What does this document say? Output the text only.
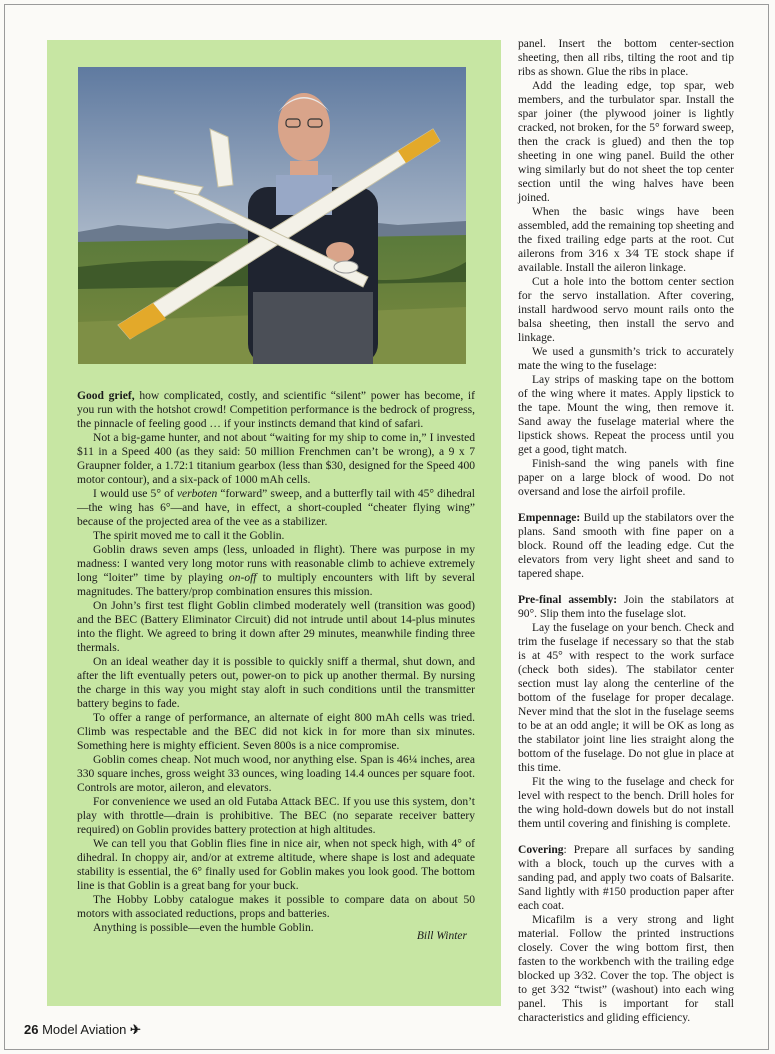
Good grief, how complicated, costly, and scientific “silent” power has become, if you run with the hotshot crowd! Competition performance is the bedrock of progress, the pinnacle of feeling good … if your instincts demand that kind of safari.

Not a big-game hunter, and not about “waiting for my ship to come in,” I invested $11 in a Speed 400 (as they said: 50 million Frenchmen can’t be wrong), a 9 x 7 Graupner folder, a 1.72:1 titanium gearbox (less than $30, designed for the Speed 400 motor contour), and a six-pack of 1000 mAh cells.

I would use 5° of verboten “forward” sweep, and a butterfly tail with 45° dihedral—the wing has 6°—and have, in effect, a short-coupled “cheater flying wing” because of the projected area of the vee as a stabilizer.

The spirit moved me to call it the Goblin.

Goblin draws seven amps (less, unloaded in flight). There was purpose in my madness: I wanted very long motor runs with reasonable climb to achieve extremely long “loiter” time by playing on-off to multiply encounters with lift by several magnitudes. The battery/prop combination ensures this mission.

On John’s first test flight Goblin climbed moderately well (transition was good) and the BEC (Battery Eliminator Circuit) did not intrude until about 14-plus minutes into the flight. We agreed to bring it down after 29 minutes, meanwhile finding three thermals.

On an ideal weather day it is possible to quickly sniff a thermal, shut down, and after the lift eventually peters out, power-on to pick up another thermal. By nursing the charge in this way you might stay aloft in such conditions until the transmitter battery begins to fade.

To offer a range of performance, an alternate of eight 800 mAh cells was tried. Climb was respectable and the BEC did not kick in for more than six minutes. Something here is mighty efficient. Seven 800s is a nice compromise.

Goblin comes cheap. Not much wood, nor anything else. Span is 46¼ inches, area 330 square inches, gross weight 33 ounces, wing loading 14.4 ounces per square foot. Controls are motor, aileron, and elevators.

For convenience we used an old Futaba Attack BEC. If you use this system, don’t play with throttle—drain is prohibitive. The BEC (no separate receiver battery required) on Goblin provides battery protection at high altitudes.

We can tell you that Goblin flies fine in nice air, when not speck high, with 4° of dihedral. In choppy air, and/or at extreme altitude, where shape is lost and adequate stability is essential, the 6° finally used for Goblin makes you look good. The bottom line is that Goblin is a great bang for your buck.

The Hobby Lobby catalogue makes it possible to compare data on about 50 motors with associated reductions, props and batteries.

Anything is possible—even the humble Goblin.

Bill Winter

panel. Insert the bottom center-section sheeting, then all ribs, tilting the root and tip ribs as shown. Glue the ribs in place.

Add the leading edge, top spar, web members, and the turbulator spar. Install the spar joiner (the plywood joiner is lightly cracked, not broken, for the 5° forward sweep, then the crack is glued) and then the top sheeting in one wing panel. Build the other wing similarly but do not sheet the top center section until the wing halves have been joined.

When the basic wings have been assembled, add the remaining top sheeting and the fixed trailing edge parts at the root. Cut ailerons from 3⁄16 x 3⁄4 TE stock shape if available. Install the aileron linkage.

Cut a hole into the bottom center section for the servo installation. After covering, install hardwood servo mount rails onto the balsa sheeting, then install the servo and linkage.

We used a gunsmith’s trick to accurately mate the wing to the fuselage:

Lay strips of masking tape on the bottom of the wing where it mates. Apply lipstick to the tape. Mount the wing, then remove it. Sand away the fuselage material where the lipstick shows. Repeat the process until you get a good, tight match.

Finish-sand the wing panels with fine paper on a large block of wood. Do not oversand and lose the airfoil profile.

Empennage: Build up the stabilators over the plans. Sand smooth with fine paper on a block. Round off the leading edge. Cut the elevators from very light sheet and sand to tapered shape.

Pre-final assembly: Join the stabilators at 90°. Slip them into the fuselage slot.

Lay the fuselage on your bench. Check and trim the fuselage if necessary so that the stab is at 45° with respect to the work surface (check both sides). The stabilator center section must lay along the centerline of the bottom of the fuselage for proper decalage. Never mind that the slot in the fuselage seems to be at an odd angle; it will be OK as long as the stabilator joint line lies straight along the bottom of the fuselage. Do not glue in place at this time.

Fit the wing to the fuselage and check for level with respect to the bench. Drill holes for the wing hold-down dowels but do not install them until covering and finishing is complete.

Covering: Prepare all surfaces by sanding with a block, touch up the curves with a sanding pad, and apply two coats of Balsarite. Sand lightly with #150 production paper after each coat.

Micafilm is a very strong and light material. Follow the printed instructions closely. Cover the wing bottom first, then fasten to the workbench with the trailing edge blocked up 3⁄32. Cover the top. The object is to get 3⁄32 “twist” (washout) into each wing panel. This is important for stall characteristics and gliding efficiency.

26 Model Aviation ✈
